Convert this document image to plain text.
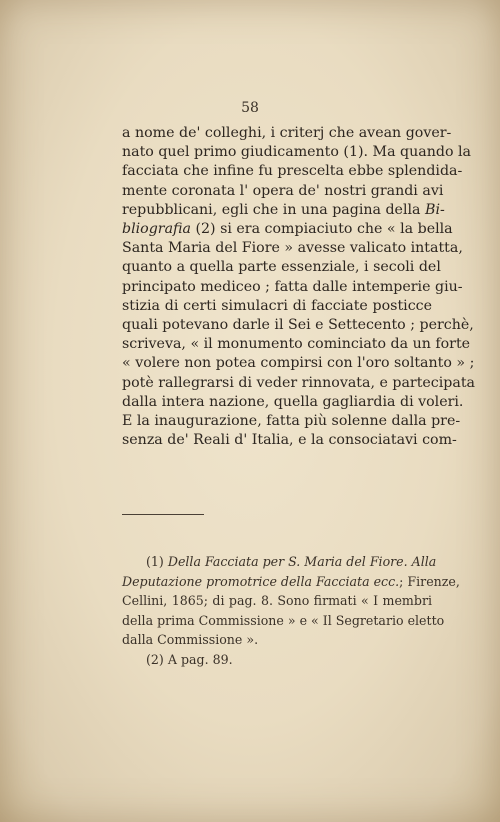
58
a nome de' colleghi, i criterj che avean gover-
nato quel primo giudicamento (1). Ma quando la
facciata che infine fu prescelta ebbe splendida-
mente coronata l' opera de' nostri grandi avi
repubblicani, egli che in una pagina della Bi-
bliografia (2) si era compiaciuto che « la bella
Santa Maria del Fiore » avesse valicato intatta,
quanto a quella parte essenziale, i secoli del
principato mediceo ; fatta dalle intemperie giu-
stizia di certi simulacri di facciate posticce
quali potevano darle il Sei e Settecento ; perchè,
scriveva, « il monumento cominciato da un forte
« volere non potea compirsi con l'oro soltanto » ;
potè rallegrarsi di veder rinnovata, e partecipata
dalla intera nazione, quella gagliardia di voleri.
E la inaugurazione, fatta più solenne dalla pre-
senza de' Reali d' Italia, e la consociatavi com-
(1) Della Facciata per S. Maria del Fiore. Alla
Deputazione promotrice della Facciata ecc.; Firenze,
Cellini, 1865; di pag. 8. Sono firmati « I membri
della prima Commissione » e « Il Segretario eletto
dalla Commissione ».
(2) A pag. 89.
